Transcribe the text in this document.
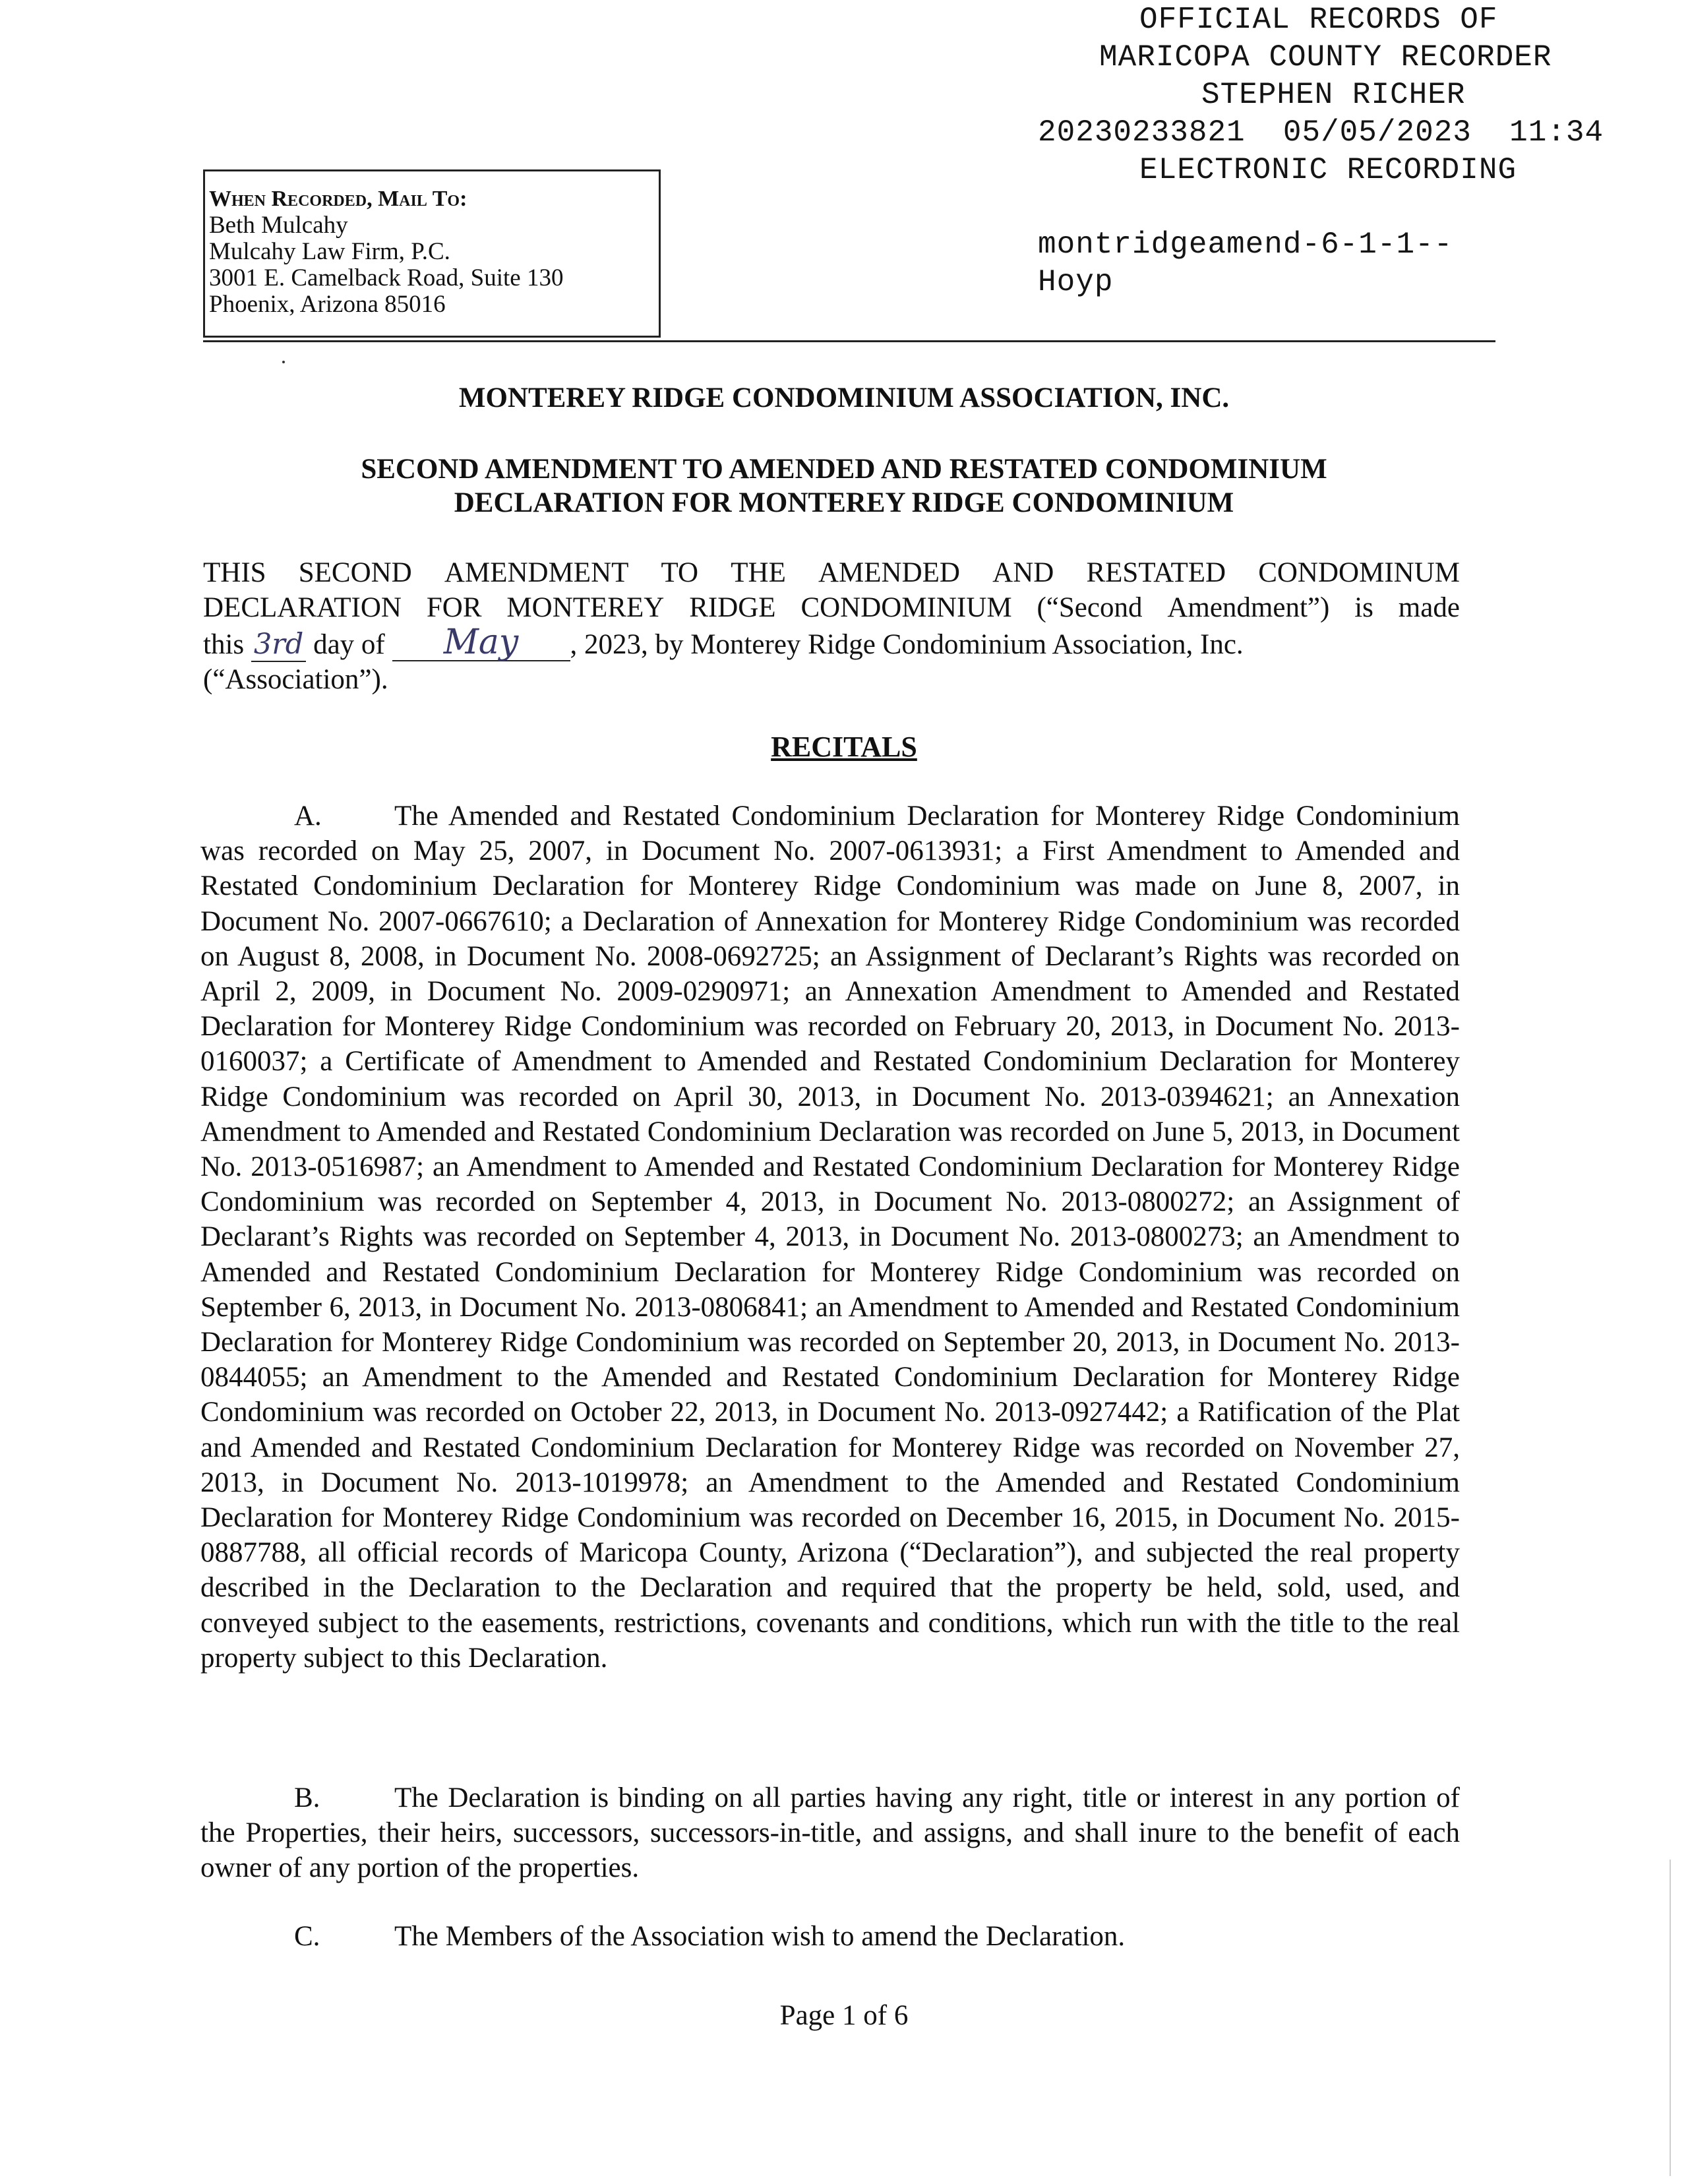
OFFICIAL RECORDS OF
MARICOPA COUNTY RECORDER
STEPHEN RICHER
20230233821  05/05/2023  11:34
ELECTRONIC RECORDING
montridgeamend-6-1-1--
Hoyp
When Recorded, Mail To:
Beth Mulcahy
Mulcahy Law Firm, P.C.
3001 E. Camelback Road, Suite 130
Phoenix, Arizona 85016
MONTEREY RIDGE CONDOMINIUM ASSOCIATION, INC.
SECOND AMENDMENT TO AMENDED AND RESTATED CONDOMINIUM
DECLARATION FOR MONTEREY RIDGE CONDOMINIUM
THIS SECOND AMENDMENT TO THE AMENDED AND RESTATED CONDOMINUM
DECLARATION FOR MONTEREY RIDGE CONDOMINIUM (“Second Amendment”) is made
this 3rd day of May , 2023, by Monterey Ridge Condominium Association, Inc.
(“Association”).
RECITALS
A.	The Amended and Restated Condominium Declaration for Monterey Ridge Condominium was recorded on May 25, 2007, in Document No. 2007-0613931; a First Amendment to Amended and Restated Condominium Declaration for Monterey Ridge Condominium was made on June 8, 2007, in Document No. 2007-0667610; a Declaration of Annexation for Monterey Ridge Condominium was recorded on August 8, 2008, in Document No. 2008-0692725; an Assignment of Declarant’s Rights was recorded on April 2, 2009, in Document No. 2009-0290971; an Annexation Amendment to Amended and Restated Declaration for Monterey Ridge Condominium was recorded on February 20, 2013, in Document No. 2013-0160037; a Certificate of Amendment to Amended and Restated Condominium Declaration for Monterey Ridge Condominium was recorded on April 30, 2013, in Document No. 2013-0394621; an Annexation Amendment to Amended and Restated Condominium Declaration was recorded on June 5, 2013, in Document No. 2013-0516987; an Amendment to Amended and Restated Condominium Declaration for Monterey Ridge Condominium was recorded on September 4, 2013, in Document No. 2013-0800272; an Assignment of Declarant’s Rights was recorded on September 4, 2013, in Document No. 2013-0800273; an Amendment to Amended and Restated Condominium Declaration for Monterey Ridge Condominium was recorded on September 6, 2013, in Document No. 2013-0806841; an Amendment to Amended and Restated Condominium Declaration for Monterey Ridge Condominium was recorded on September 20, 2013, in Document No. 2013-0844055; an Amendment to the Amended and Restated Condominium Declaration for Monterey Ridge Condominium was recorded on October 22, 2013, in Document No. 2013-0927442; a Ratification of the Plat and Amended and Restated Condominium Declaration for Monterey Ridge was recorded on November 27, 2013, in Document No. 2013-1019978; an Amendment to the Amended and Restated Condominium Declaration for Monterey Ridge Condominium was recorded on December 16, 2015, in Document No. 2015-0887788, all official records of Maricopa County, Arizona (“Declaration”), and subjected the real property described in the Declaration to the Declaration and required that the property be held, sold, used, and conveyed subject to the easements, restrictions, covenants and conditions, which run with the title to the real property subject to this Declaration.
B.	The Declaration is binding on all parties having any right, title or interest in any portion of the Properties, their heirs, successors, successors-in-title, and assigns, and shall inure to the benefit of each owner of any portion of the properties.
C.	The Members of the Association wish to amend the Declaration.
Page 1 of 6
